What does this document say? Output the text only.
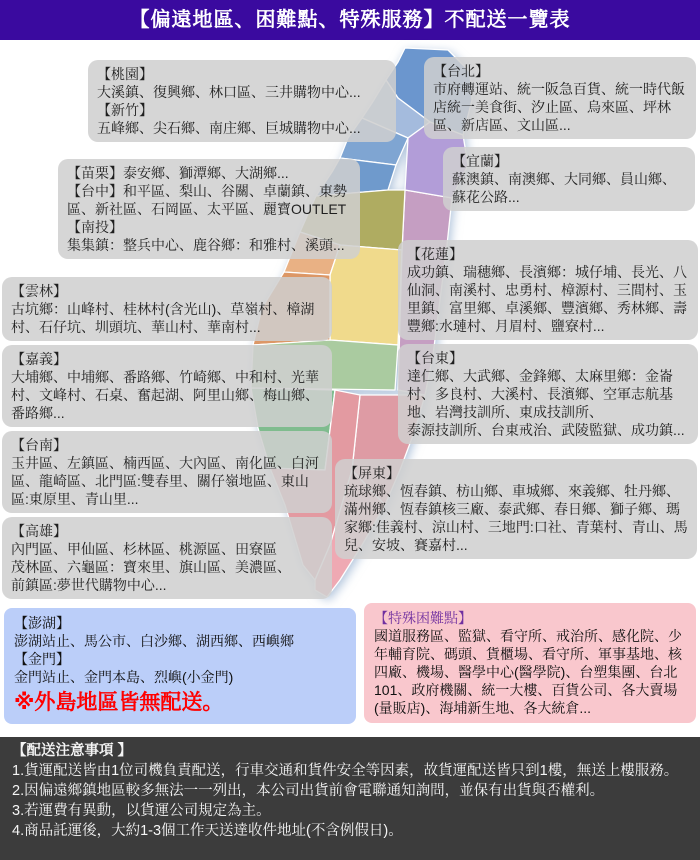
【偏遠地區、困難點、特殊服務】不配送一覽表
【桃園】
大溪鎮、復興鄉、林口區、三井購物中心...
【新竹】
五峰鄉、尖石鄉、南庄鄉、巨城購物中心...
【台北】
市府轉運站、統一阪急百貨、統一時代飯店統一美食街、汐止區、烏來區、坪林區、新店區、文山區...
【宜蘭】
蘇澳鎮、南澳鄉、大同鄉、員山鄉、蘇花公路...
【苗栗】泰安鄉、獅潭鄉、大湖鄉...
【台中】和平區、梨山、谷關、卓蘭鎮、東勢區、新社區、石岡區、太平區、麗寶OUTLET
【南投】
集集鎮：整兵中心、鹿谷鄉：和雅村、溪頭...
【花蓮】
成功鎮、瑞穗鄉、長濱鄉：城仔埔、長光、八仙洞、南溪村、忠勇村、樟源村、三間村、玉里鎮、富里鄉、卓溪鄉、豐濱鄉、秀林鄉、壽豐鄉:水璉村、月眉村、鹽寮村...
【台東】
達仁鄉、大武鄉、金鋒鄉、太麻里鄉：金崙村、多良村、大溪村、長濱鄉、空軍志航基地、岩灣技訓所、東成技訓所、
泰源技訓所、台東戒治、武陵監獄、成功鎮...
【雲林】
古坑鄉：山峰村、桂林村(含光山)、草嶺村、樟湖村、石仔坑、圳頭坑、華山村、華南村...
【嘉義】
大埔鄉、中埔鄉、番路鄉、竹崎鄉、中和村、光華村、文峰村、石桌、奮起湖、阿里山鄉、梅山鄉、番路鄉...
【台南】
玉井區、左鎮區、楠西區、大內區、南化區、白河區、龍崎區、北門區:雙春里、關仔嶺地區、東山區:東原里、青山里...
【高雄】
內門區、甲仙區、杉林區、桃源區、田寮區
茂林區、六龜區：寶來里、旗山區、美濃區、
前鎮區:夢世代購物中心...
【屏東】
琉球鄉、恆春鎮、枋山鄉、車城鄉、來義鄉、牡丹鄉、滿州鄉、恆春鎮核三廠、泰武鄉、春日鄉、獅子鄉、瑪家鄉:佳義村、涼山村、三地門:口社、青葉村、青山、馬兒、安坡、賽嘉村...
【澎湖】
澎湖站止、馬公市、白沙鄉、湖西鄉、西嶼鄉
【金門】
金門站止、金門本島、烈嶼(小金門)
※外島地區皆無配送。
【特殊困難點】
國道服務區、監獄、看守所、戒治所、感化院、少年輔育院、碼頭、貨櫃場、看守所、軍事基地、核四廠、機場、醫學中心(醫學院)、台塑集團、台北101、政府機關、統一大樓、百貨公司、各大賣場(量販店)、海埔新生地、各大統倉...
【配送注意事項 】
1.貨運配送皆由1位司機負責配送，行車交通和貨件安全等因素，故貨運配送皆只到1樓，無送上樓服務。
2.因偏遠鄉鎮地區較多無法一一列出，本公司出貨前會電聯通知詢問，並保有出貨與否權利。
3.若運費有異動，以貨運公司規定為主。
4.商品託運後，大約1-3個工作天送達收件地址(不含例假日)。
